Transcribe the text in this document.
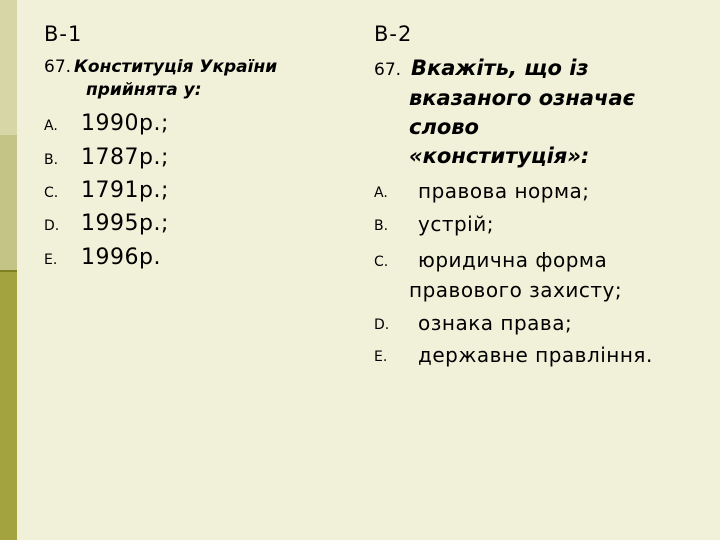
В-1
67. Конституція України
прийнята у:
A. 1990р.;
B. 1787р.;
C. 1791р.;
D. 1995р.;
E. 1996р.
В-2
67. Вкажіть, що із
вказаного означає
слово
«конституція»:
A. правова норма;
B. устрій;
C. юридична форма
правового захисту;
D. ознака права;
E. державне правління.
